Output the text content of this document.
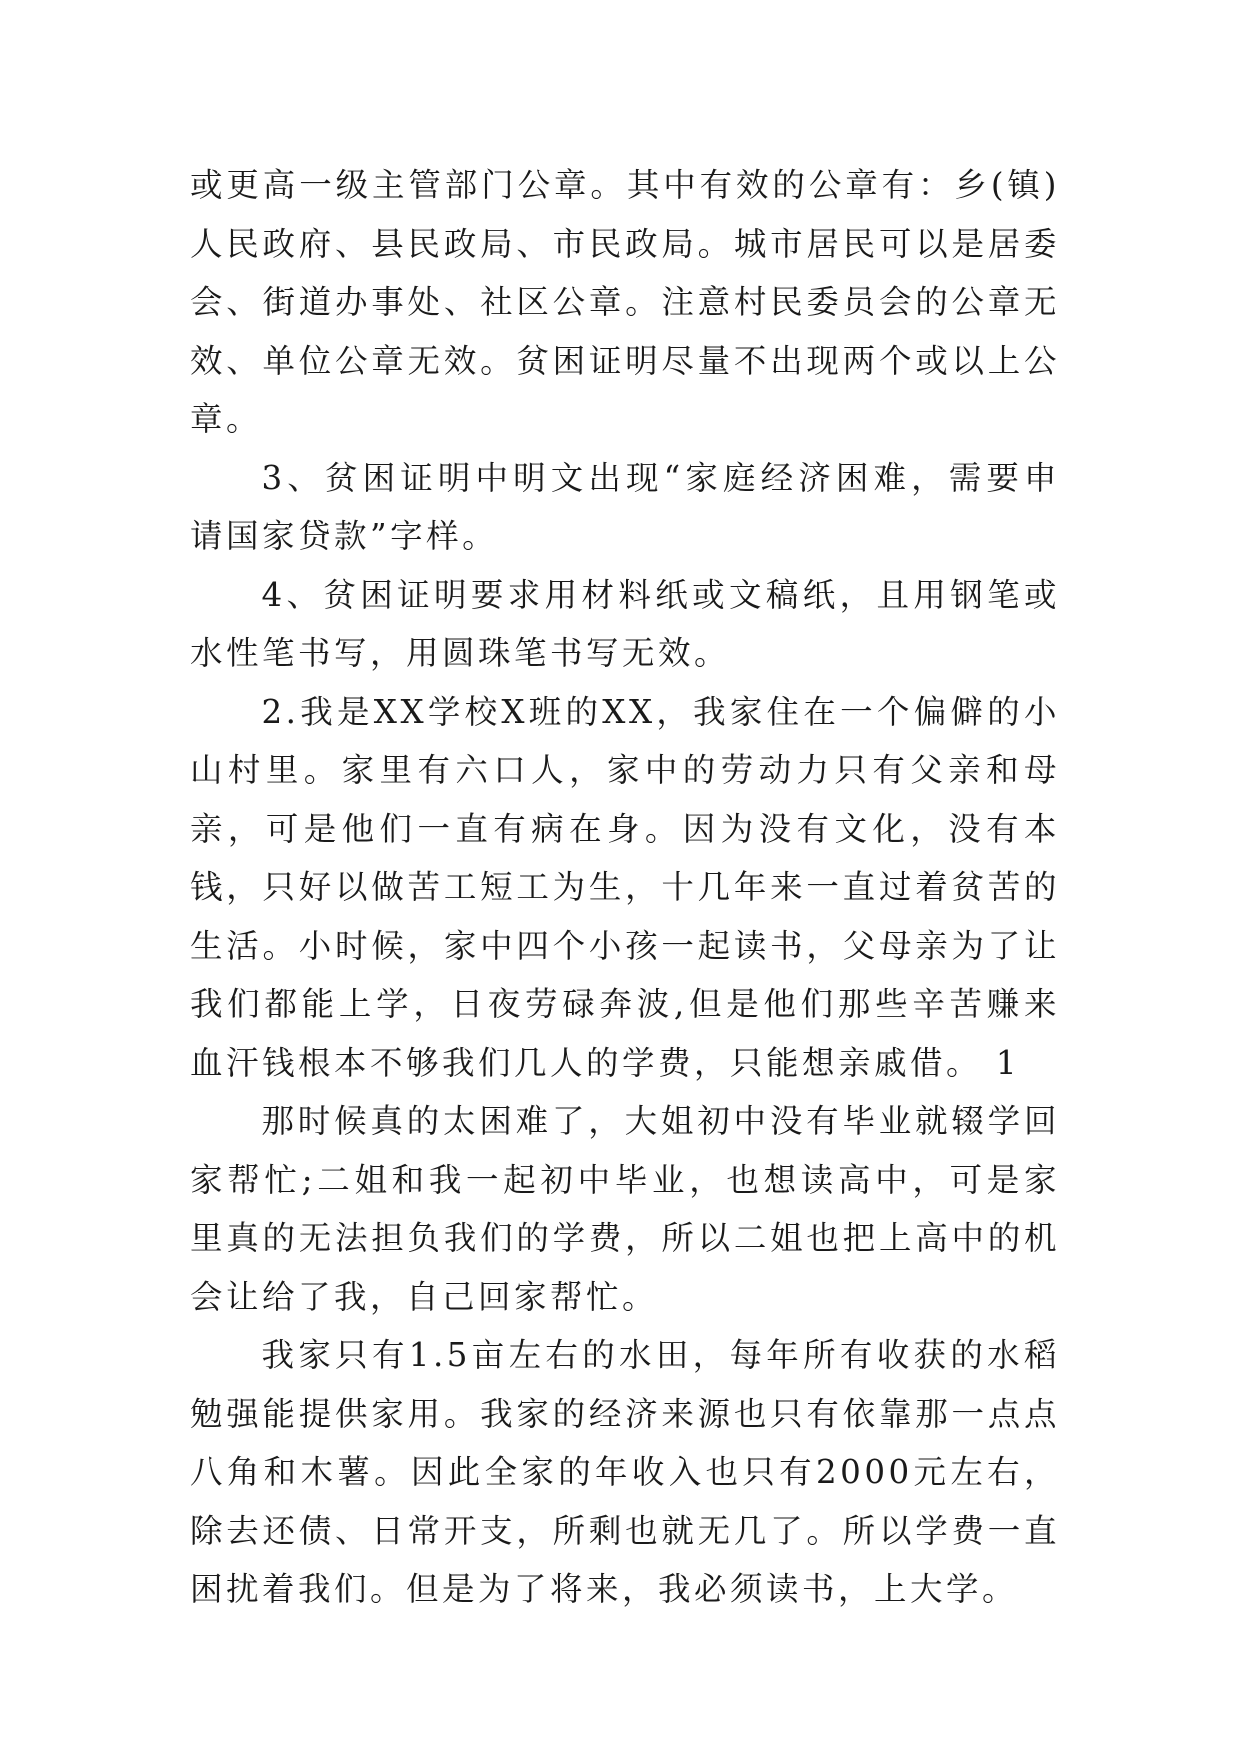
或更高一级主管部门公章。其中有效的公章有：乡(镇)人民政府、县民政局、市民政局。城市居民可以是居委会、街道办事处、社区公章。注意村民委员会的公章无效、单位公章无效。贫困证明尽量不出现两个或以上公章。

3、贫困证明中明文出现“家庭经济困难，需要申请国家贷款”字样。

4、贫困证明要求用材料纸或文稿纸，且用钢笔或水性笔书写，用圆珠笔书写无效。

2.我是XX学校X班的XX，我家住在一个偏僻的小山村里。家里有六口人，家中的劳动力只有父亲和母亲，可是他们一直有病在身。因为没有文化，没有本钱，只好以做苦工短工为生，十几年来一直过着贫苦的生活。小时候，家中四个小孩一起读书，父母亲为了让我们都能上学，日夜劳碌奔波,但是他们那些辛苦赚来血汗钱根本不够我们几人的学费，只能想亲戚借。 1

那时候真的太困难了，大姐初中没有毕业就辍学回家帮忙;二姐和我一起初中毕业，也想读高中，可是家里真的无法担负我们的学费，所以二姐也把上高中的机会让给了我，自己回家帮忙。

我家只有1.5亩左右的水田，每年所有收获的水稻勉强能提供家用。我家的经济来源也只有依靠那一点点八角和木薯。因此全家的年收入也只有2000元左右，除去还债、日常开支，所剩也就无几了。所以学费一直困扰着我们。但是为了将来，我必须读书，上大学。
